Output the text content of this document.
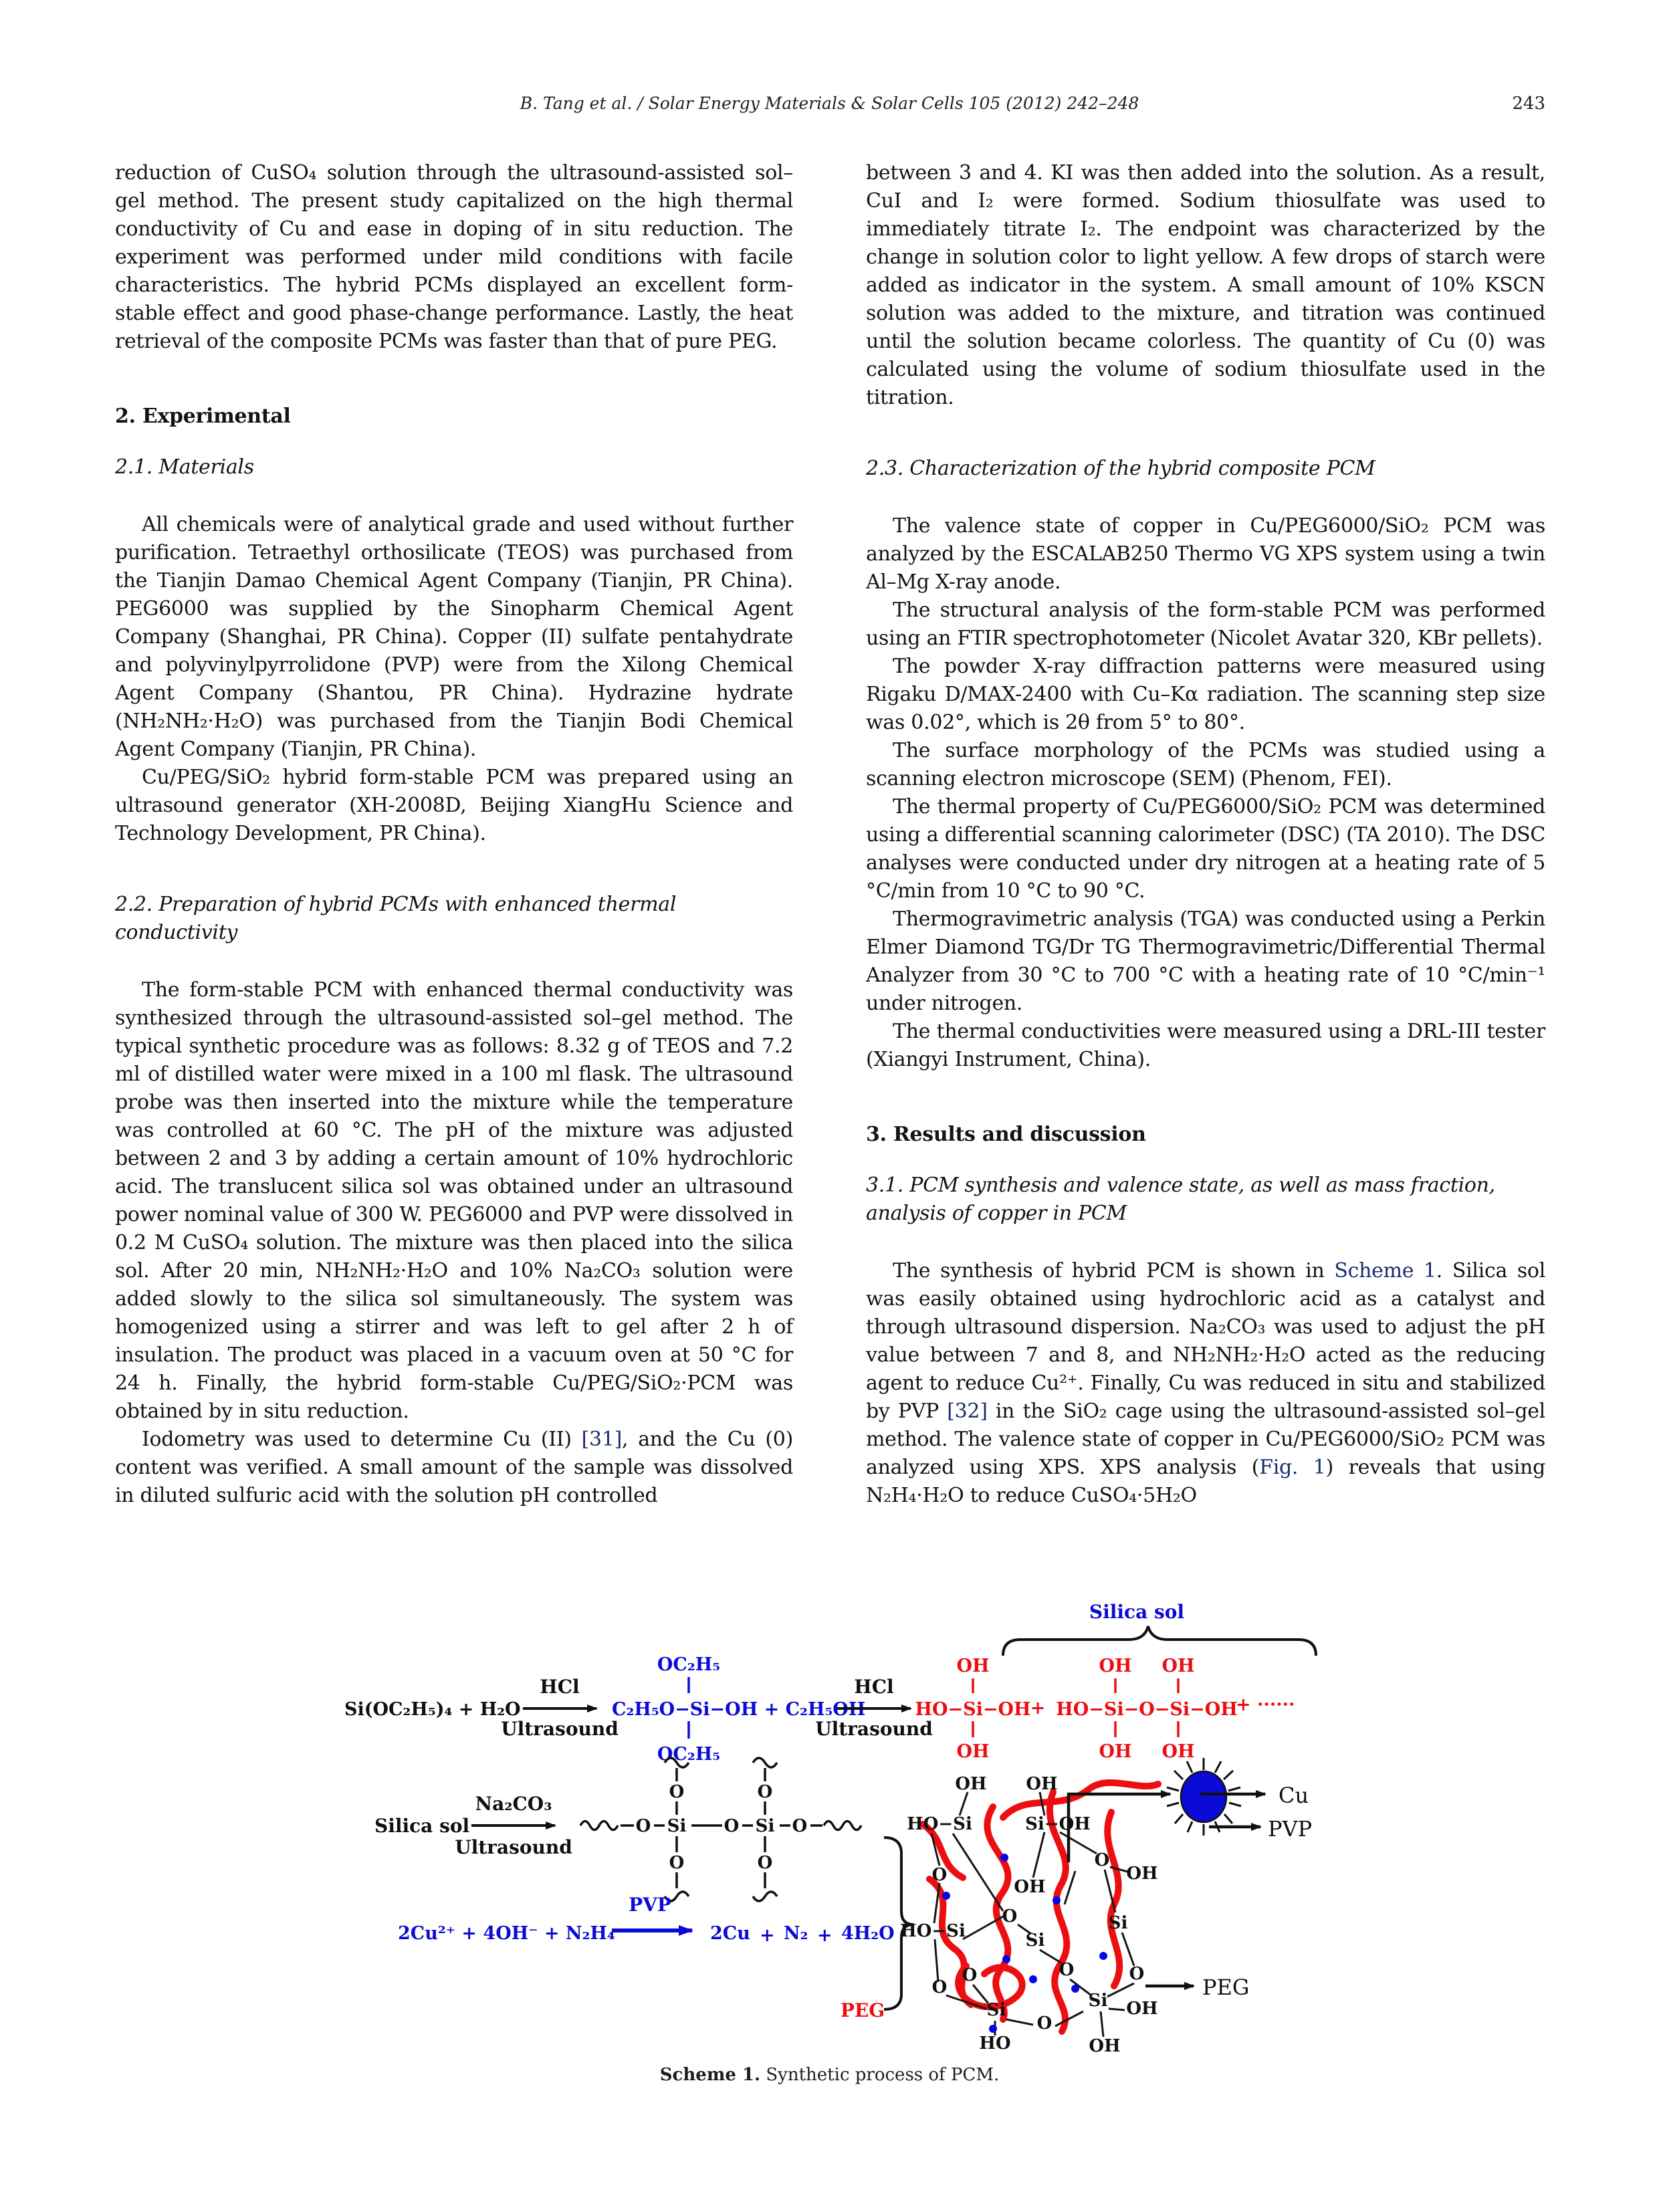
B. Tang et al. / Solar Energy Materials & Solar Cells 105 (2012) 242–248	243

reduction of CuSO₄ solution through the ultrasound-assisted sol–gel method. The present study capitalized on the high thermal conductivity of Cu and ease in doping of in situ reduction. The experiment was performed under mild conditions with facile characteristics. The hybrid PCMs displayed an excellent form-stable effect and good phase-change performance. Lastly, the heat retrieval of the composite PCMs was faster than that of pure PEG.

2. Experimental
2.1. Materials

All chemicals were of analytical grade and used without further purification. Tetraethyl orthosilicate (TEOS) was purchased from the Tianjin Damao Chemical Agent Company (Tianjin, PR China). PEG6000 was supplied by the Sinopharm Chemical Agent Company (Shanghai, PR China). Copper (II) sulfate pentahydrate and polyvinylpyrrolidone (PVP) were from the Xilong Chemical Agent Company (Shantou, PR China). Hydrazine hydrate (NH₂NH₂·H₂O) was purchased from the Tianjin Bodi Chemical Agent Company (Tianjin, PR China).

Cu/PEG/SiO₂ hybrid form-stable PCM was prepared using an ultrasound generator (XH-2008D, Beijing XiangHu Science and Technology Development, PR China).

2.2. Preparation of hybrid PCMs with enhanced thermal conductivity

The form-stable PCM with enhanced thermal conductivity was synthesized through the ultrasound-assisted sol–gel method. The typical synthetic procedure was as follows: 8.32 g of TEOS and 7.2 ml of distilled water were mixed in a 100 ml flask. The ultrasound probe was then inserted into the mixture while the temperature was controlled at 60 °C. The pH of the mixture was adjusted between 2 and 3 by adding a certain amount of 10% hydrochloric acid. The translucent silica sol was obtained under an ultrasound power nominal value of 300 W. PEG6000 and PVP were dissolved in 0.2 M CuSO₄ solution. The mixture was then placed into the silica sol. After 20 min, NH₂NH₂·H₂O and 10% Na₂CO₃ solution were added slowly to the silica sol simultaneously. The system was homogenized using a stirrer and was left to gel after 2 h of insulation. The product was placed in a vacuum oven at 50 °C for 24 h. Finally, the hybrid form-stable Cu/PEG/SiO₂·PCM was obtained by in situ reduction.

Iodometry was used to determine Cu (II) [31], and the Cu (0) content was verified. A small amount of the sample was dissolved in diluted sulfuric acid with the solution pH controlled

between 3 and 4. KI was then added into the solution. As a result, CuI and I₂ were formed. Sodium thiosulfate was used to immediately titrate I₂. The endpoint was characterized by the change in solution color to light yellow. A few drops of starch were added as indicator in the system. A small amount of 10% KSCN solution was added to the mixture, and titration was continued until the solution became colorless. The quantity of Cu (0) was calculated using the volume of sodium thiosulfate used in the titration.

2.3. Characterization of the hybrid composite PCM

The valence state of copper in Cu/PEG6000/SiO₂ PCM was analyzed by the ESCALAB250 Thermo VG XPS system using a twin Al–Mg X-ray anode.

The structural analysis of the form-stable PCM was performed using an FTIR spectrophotometer (Nicolet Avatar 320, KBr pellets).

The powder X-ray diffraction patterns were measured using Rigaku D/MAX-2400 with Cu–Kα radiation. The scanning step size was 0.02°, which is 2θ from 5° to 80°.

The surface morphology of the PCMs was studied using a scanning electron microscope (SEM) (Phenom, FEI).

The thermal property of Cu/PEG6000/SiO₂ PCM was determined using a differential scanning calorimeter (DSC) (TA 2010). The DSC analyses were conducted under dry nitrogen at a heating rate of 5 °C/min from 10 °C to 90 °C.

Thermogravimetric analysis (TGA) was conducted using a Perkin Elmer Diamond TG/Dr TG Thermogravimetric/Differential Thermal Analyzer from 30 °C to 700 °C with a heating rate of 10 °C/min⁻¹ under nitrogen.

The thermal conductivities were measured using a DRL-III tester (Xiangyi Instrument, China).

3. Results and discussion
3.1. PCM synthesis and valence state, as well as mass fraction, analysis of copper in PCM

The synthesis of hybrid PCM is shown in Scheme 1. Silica sol was easily obtained using hydrochloric acid as a catalyst and through ultrasound dispersion. Na₂CO₃ was used to adjust the pH value between 7 and 8, and NH₂NH₂·H₂O acted as the reducing agent to reduce Cu²⁺. Finally, Cu was reduced in situ and stabilized by PVP [32] in the SiO₂ cage using the ultrasound-assisted sol–gel method. The valence state of copper in Cu/PEG6000/SiO₂ PCM was analyzed using XPS. XPS analysis (Fig. 1) reveals that using N₂H₄·H₂O to reduce CuSO₄·5H₂O

Si(OC₂H₅)₄ + H₂O
HCl
Ultrasound
C₂H₅O−Si−OH + C₂H₅OH
OC₂H₅
OC₂H₅
HCl
Ultrasound
HO−Si−OH
OH
OH
+ HO−Si−O−Si−OH
OH OH
OH OH
+ ······
Silica sol
Silica sol
Na₂CO₃
Ultrasound
O Si O Si O
O	O
O	O
2Cu²⁺ + 4OH⁻ + N₂H₄
PVP
2Cu + N₂ + 4H₂O
PEG
OH OH
HO−Si	Si−OH
O
OH
O
OH
HO−Si	Si
Si
O
O	O
O
O
Si
O
Si OH
HO	OH
Cu
PVP
PEG
Scheme 1. Synthetic process of PCM.
